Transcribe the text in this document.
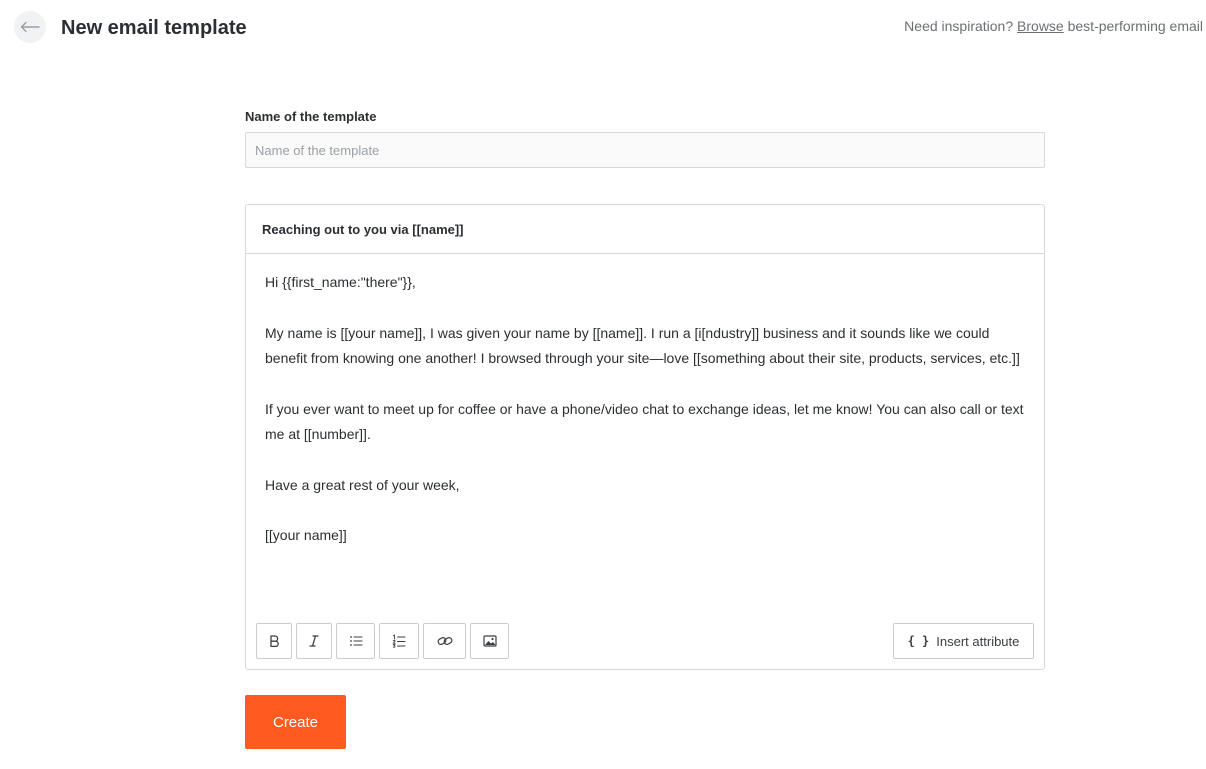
New email template	Need inspiration? Browse best-performing email
Name of the template
Name of the template
Reaching out to you via [[name]]

Hi {{first_name:"there"}},

My name is [[your name]], I was given your name by [[name]]. I run a [i[ndustry]] business and it sounds like we could benefit from knowing one another! I browsed through your site—love [[something about their site, products, services, etc.]]

If you ever want to meet up for coffee or have a phone/video chat to exchange ideas, let me know! You can also call or text me at [[number]].

Have a great rest of your week,

[[your name]]

{ } Insert attribute
Create
